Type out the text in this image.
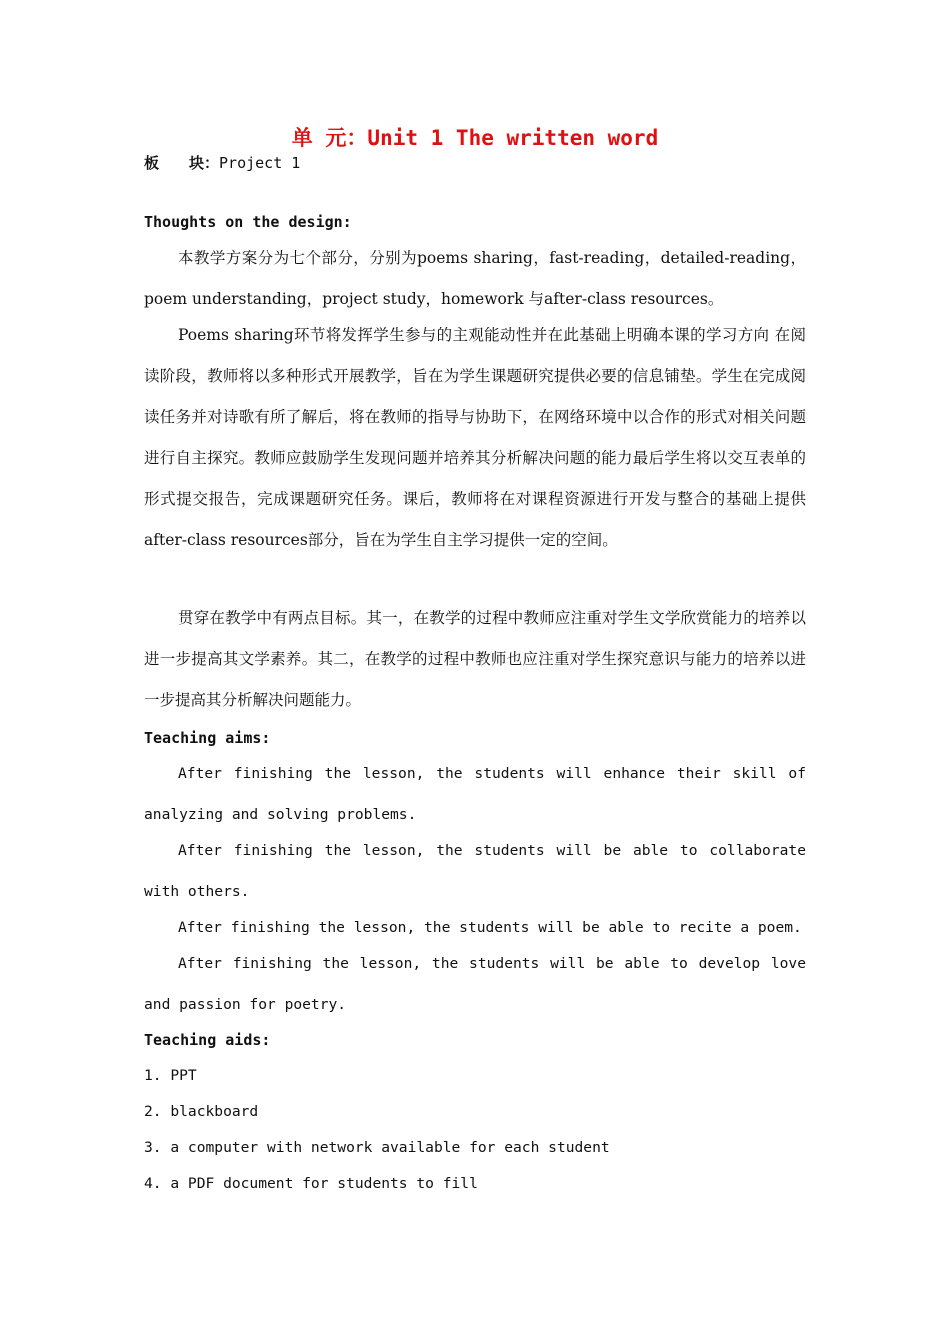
单 元：Unit 1 The written word
板 块：Project 1
Thoughts on the design:
本教学方案分为七个部分，分别为poems sharing，fast-reading，detailed-reading，poem understanding，project study，homework 与after-class resources。
Poems sharing环节将发挥学生参与的主观能动性并在此基础上明确本课的学习方向 在阅读阶段，教师将以多种形式开展教学，旨在为学生课题研究提供必要的信息铺垫。学生在完成阅读任务并对诗歌有所了解后，将在教师的指导与协助下，在网络环境中以合作的形式对相关问题进行自主探究。教师应鼓励学生发现问题并培养其分析解决问题的能力最后学生将以交互表单的形式提交报告，完成课题研究任务。课后，教师将在对课程资源进行开发与整合的基础上提供after-class resources部分，旨在为学生自主学习提供一定的空间。
贯穿在教学中有两点目标。其一，在教学的过程中教师应注重对学生文学欣赏能力的培养以进一步提高其文学素养。其二，在教学的过程中教师也应注重对学生探究意识与能力的培养以进一步提高其分析解决问题能力。
Teaching aims:
After finishing the lesson, the students will enhance their skill of analyzing and solving problems.
After finishing the lesson, the students will be able to collaborate with others.
After finishing the lesson, the students will be able to recite a poem.
After finishing the lesson, the students will be able to develop love and passion for poetry.
Teaching aids:
1. PPT
2. blackboard
3. a computer with network available for each student
4. a PDF document for students to fill
